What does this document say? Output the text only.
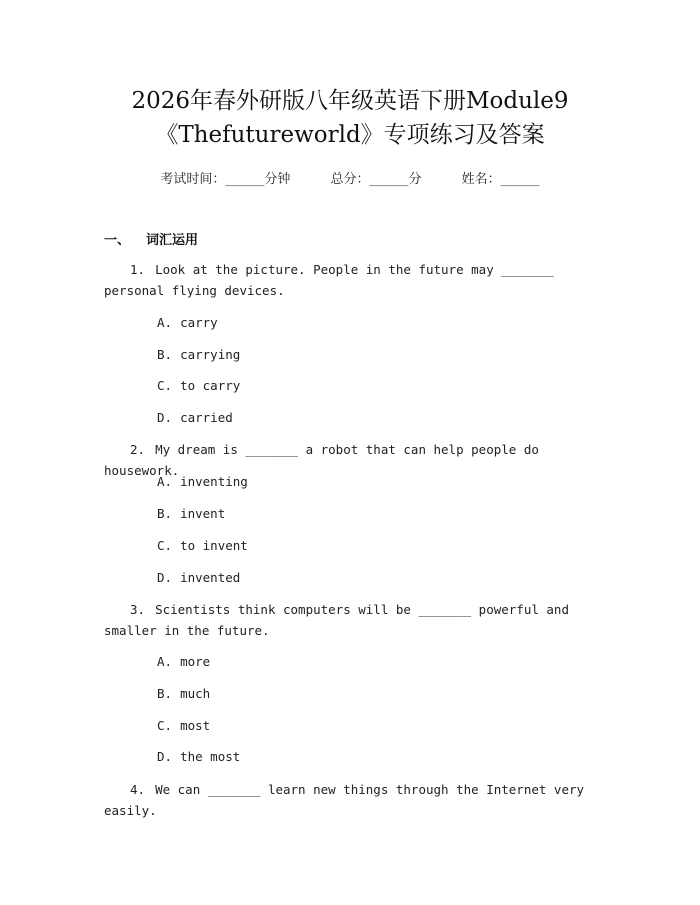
2026年春外研版八年级英语下册Module9
《Thefutureworld》专项练习及答案
考试时间：______分钟	总分：______分	姓名：______
一、 词汇运用
1. Look at the picture. People in the future may _______ personal flying devices.
A. carry
B. carrying
C. to carry
D. carried
2. My dream is _______ a robot that can help people do housework.
A. inventing
B. invent
C. to invent
D. invented
3. Scientists think computers will be _______ powerful and smaller in the future.
A. more
B. much
C. most
D. the most
4. We can _______ learn new things through the Internet very easily.
